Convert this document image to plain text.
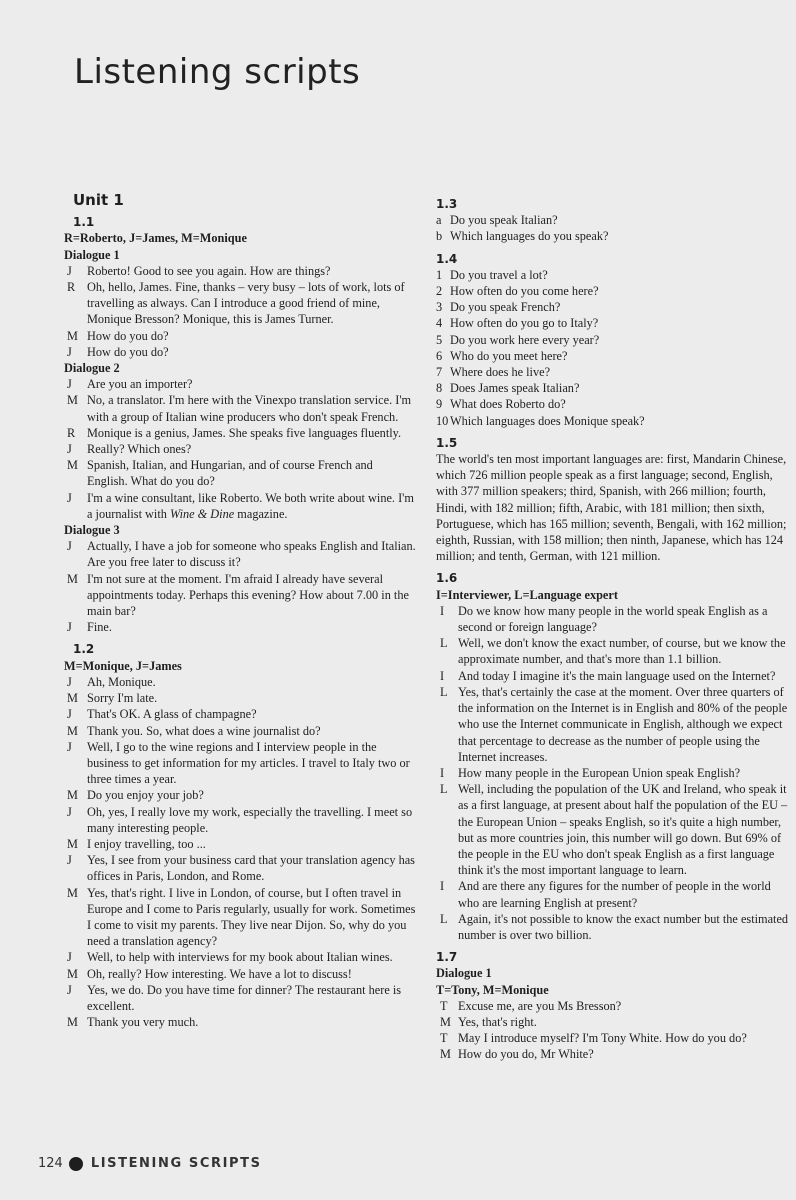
Listening scripts
Unit 1
1.1
R=Roberto, J=James, M=Monique
Dialogue 1
J	Roberto! Good to see you again. How are things?
R Oh, hello, James. Fine, thanks – very busy – lots of work, lots of travelling as always. Can I introduce a good friend of mine, Monique Bresson? Monique, this is James Turner.
M How do you do?
J	How do you do?
Dialogue 2
J	Are you an importer?
M No, a translator. I'm here with the Vinexpo translation service. I'm with a group of Italian wine producers who don't speak French.
R Monique is a genius, James. She speaks five languages fluently.
J	Really? Which ones?
M Spanish, Italian, and Hungarian, and of course French and English. What do you do?
J	I'm a wine consultant, like Roberto. We both write about wine. I'm a journalist with Wine & Dine magazine.
Dialogue 3
J	Actually, I have a job for someone who speaks English and Italian. Are you free later to discuss it?
M I'm not sure at the moment. I'm afraid I already have several appointments today. Perhaps this evening? How about 7.00 in the main bar?
J	Fine.
1.2
M=Monique, J=James
J	Ah, Monique.
M Sorry I'm late.
J	That's OK. A glass of champagne?
M Thank you. So, what does a wine journalist do?
J	Well, I go to the wine regions and I interview people in the business to get information for my articles. I travel to Italy two or three times a year.
M Do you enjoy your job?
J	Oh, yes, I really love my work, especially the travelling. I meet so many interesting people.
M I enjoy travelling, too ...
J	Yes, I see from your business card that your translation agency has offices in Paris, London, and Rome.
M Yes, that's right. I live in London, of course, but I often travel in Europe and I come to Paris regularly, usually for work. Sometimes I come to visit my parents. They live near Dijon. So, why do you need a translation agency?
J	Well, to help with interviews for my book about Italian wines.
M Oh, really? How interesting. We have a lot to discuss!
J	Yes, we do. Do you have time for dinner? The restaurant here is excellent.
M Thank you very much.
1.3
a Do you speak Italian?
b Which languages do you speak?
1.4
1 Do you travel a lot?
2 How often do you come here?
3 Do you speak French?
4 How often do you go to Italy?
5 Do you work here every year?
6 Who do you meet here?
7 Where does he live?
8 Does James speak Italian?
9 What does Roberto do?
10 Which languages does Monique speak?
1.5

The world's ten most important languages are: first, Mandarin Chinese, which 726 million people speak as a first language; second, English, with 377 million speakers; third, Spanish, with 266 million; fourth, Hindi, with 182 million; fifth, Arabic, with 181 million; then sixth, Portuguese, which has 165 million; seventh, Bengali, with 162 million; eighth, Russian, with 158 million; then ninth, Japanese, which has 124 million; and tenth, German, with 121 million.

1.6
I=Interviewer, L=Language expert
I	Do we know how many people in the world speak English as a second or foreign language?
L Well, we don't know the exact number, of course, but we know the approximate number, and that's more than 1.1 billion.
I	And today I imagine it's the main language used on the Internet?
L Yes, that's certainly the case at the moment. Over three quarters of the information on the Internet is in English and 80% of the people who use the Internet communicate in English, although we expect that percentage to decrease as the number of people using the Internet increases.
I	How many people in the European Union speak English?
L Well, including the population of the UK and Ireland, who speak it as a first language, at present about half the population of the EU – the European Union – speaks English, so it's quite a high number, but as more countries join, this number will go down. But 69% of the people in the EU who don't speak English as a first language think it's the most important language to learn.
I	And are there any figures for the number of people in the world who are learning English at present?
L Again, it's not possible to know the exact number but the estimated number is over two billion.
1.7
Dialogue 1
T=Tony, M=Monique
T Excuse me, are you Ms Bresson?
M Yes, that's right.
T May I introduce myself? I'm Tony White. How do you do?
M How do you do, Mr White?
124 LISTENING SCRIPTS
